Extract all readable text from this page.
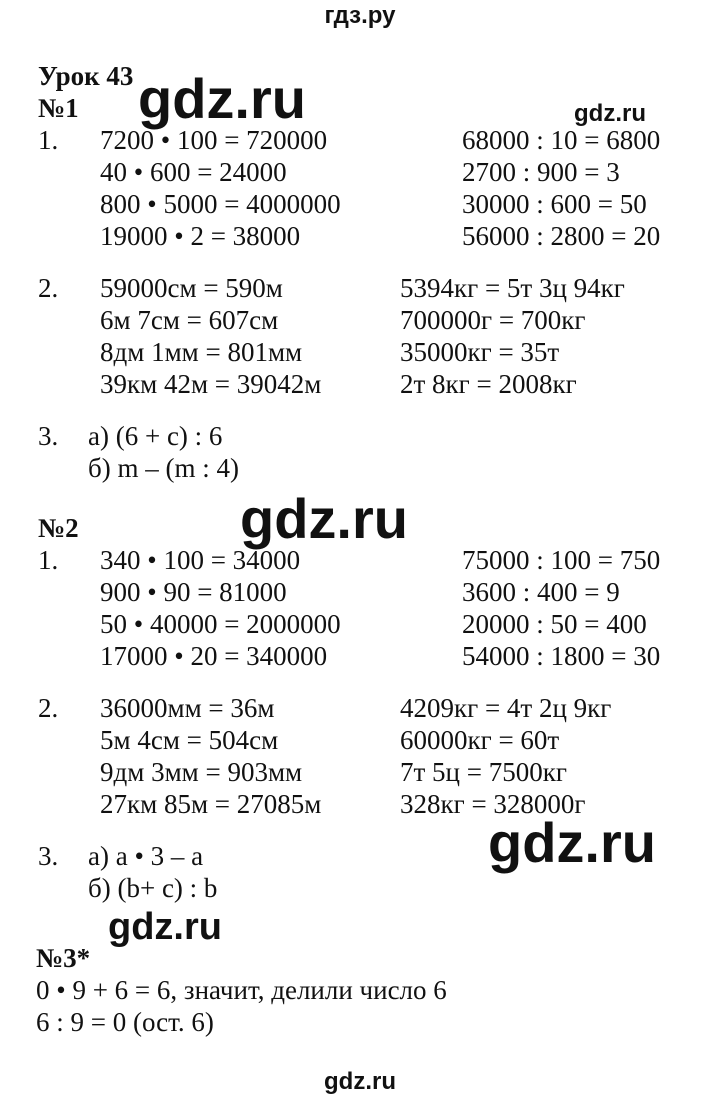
гдз.ру
Урок 43
№1
1. 7200 • 100 = 720000
40 • 600 = 24000
800 • 5000 = 4000000
19000 • 2 = 38000
68000 : 10 = 6800
2700 : 900 = 3
30000 : 600 = 50
56000 : 2800 = 20
2. 59000см = 590м
6м 7см = 607см
8дм 1мм = 801мм
39км 42м = 39042м
5394кг = 5т 3ц 94кг
700000г = 700кг
35000кг = 35т
2т 8кг = 2008кг
3. а) (6 + с) : 6
б) m – (m : 4)
№2
1. 340 • 100 = 34000
900 • 90 = 81000
50 • 40000 = 2000000
17000 • 20 = 340000
75000 : 100 = 750
3600 : 400 = 9
20000 : 50 = 400
54000 : 1800 = 30
2. 36000мм = 36м
5м 4см = 504см
9дм 3мм = 903мм
27км 85м = 27085м
4209кг = 4т 2ц 9кг
60000кг = 60т
7т 5ц = 7500кг
328кг = 328000г
3. а) а • 3 – а
б) (b+ с) : b
№3*
0 • 9 + 6 = 6, значит, делили число 6
6 : 9 = 0 (ост. 6)
gdz.ru	gdz.ru
gdz.ru
gdz.ru
gdz.ru
gdz.ru
